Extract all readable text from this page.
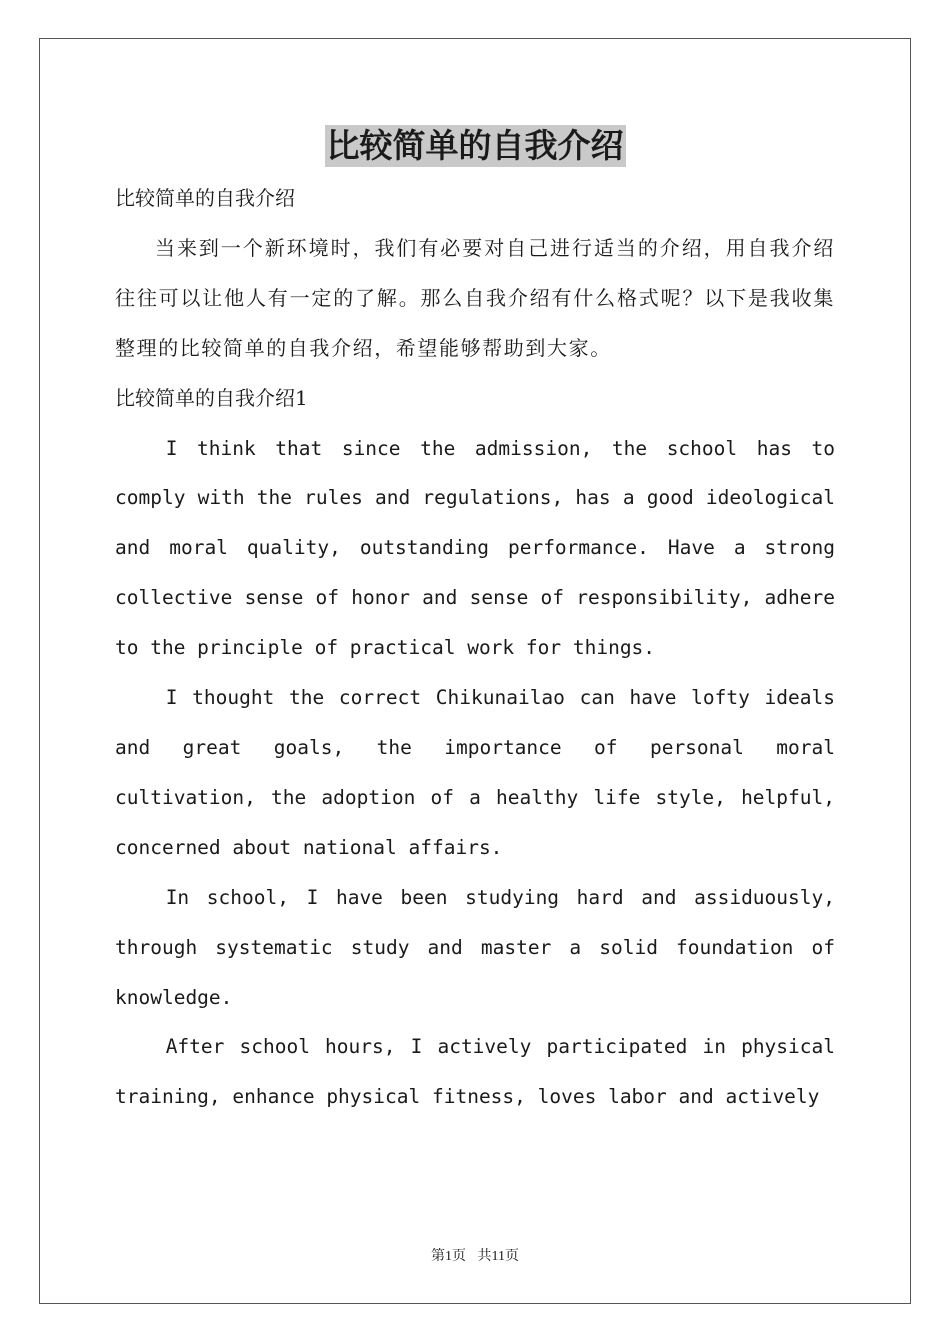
比较简单的自我介绍

比较简单的自我介绍

当来到一个新环境时，我们有必要对自己进行适当的介绍，用自我介绍往往可以让他人有一定的了解。那么自我介绍有什么格式呢？以下是我收集整理的比较简单的自我介绍，希望能够帮助到大家。

比较简单的自我介绍1

I think that since the admission, the school has to comply with the rules and regulations, has a good ideological and moral quality, outstanding performance. Have a strong collective sense of honor and sense of responsibility, adhere to the principle of practical work for things.

I thought the correct Chikunailao can have lofty ideals and great goals, the importance of personal moral cultivation, the adoption of a healthy life style, helpful, concerned about national affairs.

In school, I have been studying hard and assiduously, through systematic study and master a solid foundation of knowledge.

After school hours, I actively participated in physical training, enhance physical fitness, loves labor and actively

第1页 共11页
